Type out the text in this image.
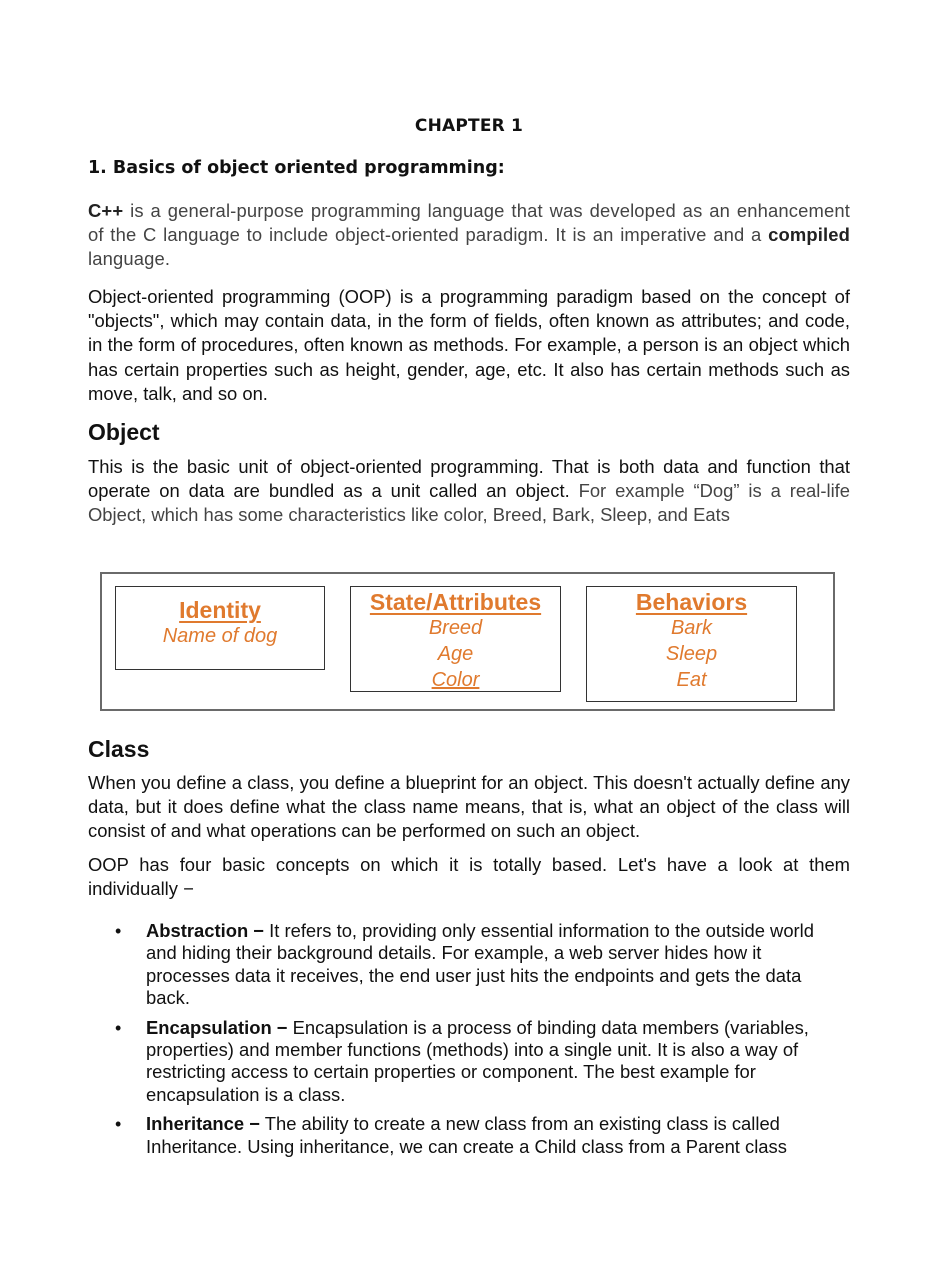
CHAPTER 1
1. Basics of object oriented programming:

C++ is a general-purpose programming language that was developed as an enhancement of the C language to include object-oriented paradigm. It is an imperative and a compiled language.

Object-oriented programming (OOP) is a programming paradigm based on the concept of "objects", which may contain data, in the form of fields, often known as attributes; and code, in the form of procedures, often known as methods. For example, a person is an object which has certain properties such as height, gender, age, etc. It also has certain methods such as move, talk, and so on.

Object

This is the basic unit of object-oriented programming. That is both data and function that operate on data are bundled as a unit called an object. For example “Dog” is a real-life Object, which has some characteristics like color, Breed, Bark, Sleep, and Eats

Class

When you define a class, you define a blueprint for an object. This doesn't actually define any data, but it does define what the class name means, that is, what an object of the class will consist of and what operations can be performed on such an object.

OOP has four basic concepts on which it is totally based. Let's have a look at them individually −

• Abstraction − It refers to, providing only essential information to the outside world and hiding their background details. For example, a web server hides how it processes data it receives, the end user just hits the endpoints and gets the data back.
• Encapsulation − Encapsulation is a process of binding data members (variables, properties) and member functions (methods) into a single unit. It is also a way of restricting access to certain properties or component. The best example for encapsulation is a class.
• Inheritance − The ability to create a new class from an existing class is called Inheritance. Using inheritance, we can create a Child class from a Parent class
Identity
Name of dog
State/Attributes
Breed
Age
Color
Behaviors
Bark
Sleep
Eat
